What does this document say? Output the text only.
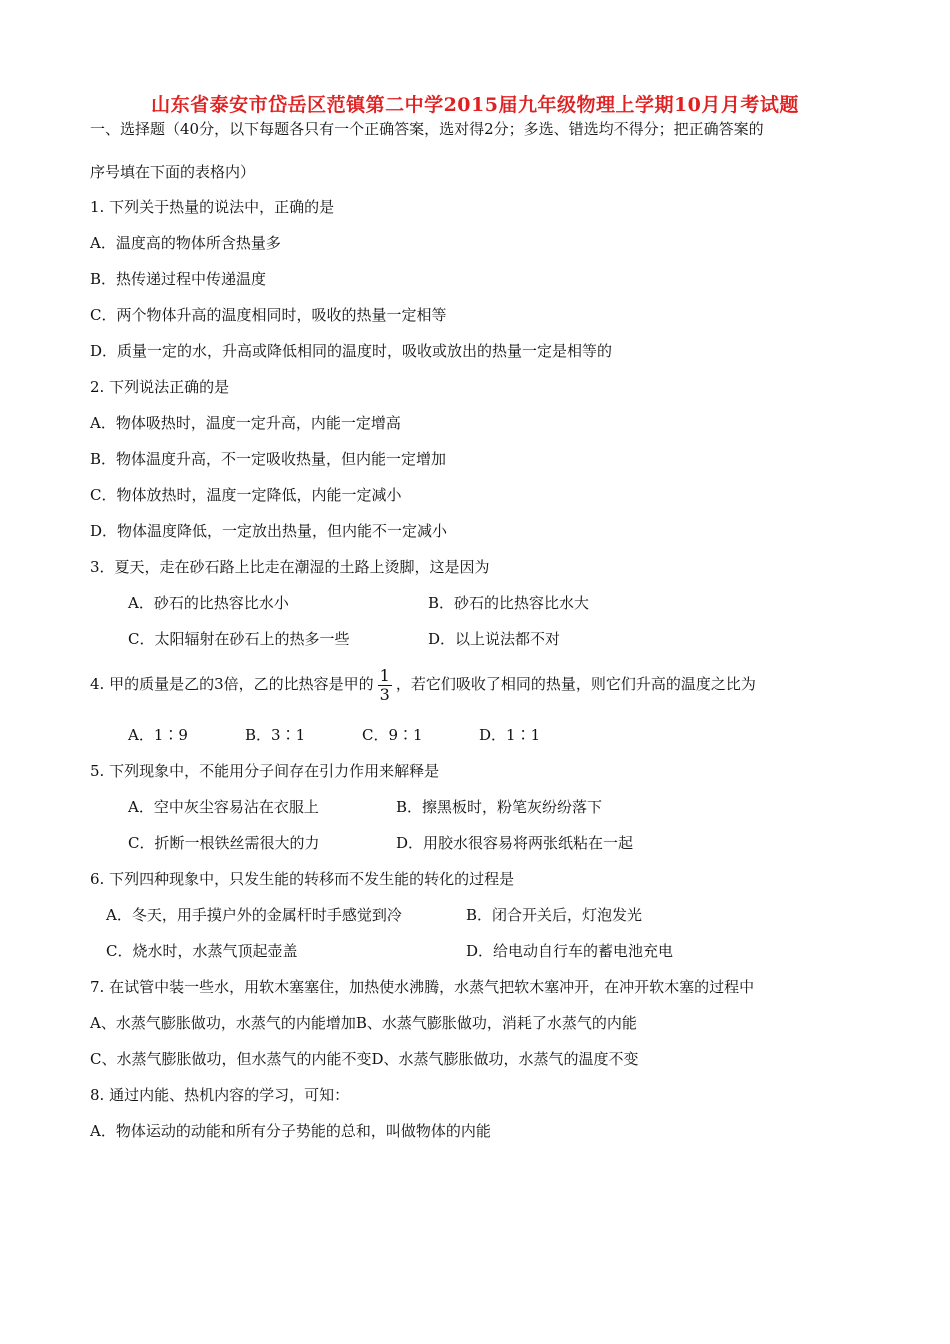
山东省泰安市岱岳区范镇第二中学2015届九年级物理上学期10月月考试题
一、选择题（40分，以下每题各只有一个正确答案，选对得2分；多选、错选均不得分；把正确答案的
序号填在下面的表格内）
1. 下列关于热量的说法中，正确的是
A．温度高的物体所含热量多
B．热传递过程中传递温度
C．两个物体升高的温度相同时，吸收的热量一定相等
D．质量一定的水，升高或降低相同的温度时，吸收或放出的热量一定是相等的
2. 下列说法正确的是
A．物体吸热时，温度一定升高，内能一定增高
B．物体温度升高，不一定吸收热量，但内能一定增加
C．物体放热时，温度一定降低，内能一定减小
D．物体温度降低，一定放出热量，但内能不一定减小
3．夏天，走在砂石路上比走在潮湿的土路上烫脚，这是因为
A．砂石的比热容比水小	B．砂石的比热容比水大
C．太阳辐射在砂石上的热多一些	D．以上说法都不对
4. 甲的质量是乙的3倍，乙的比热容是甲的 $\frac{1}{3}$ ，若它们吸收了相同的热量，则它们升高的温度之比为
A．1∶9	B．3∶1	C．9∶1	D．1∶1
5. 下列现象中，不能用分子间存在引力作用来解释是
A．空中灰尘容易沾在衣服上	B．擦黑板时，粉笔灰纷纷落下
C．折断一根铁丝需很大的力	D．用胶水很容易将两张纸粘在一起
6. 下列四种现象中，只发生能的转移而不发生能的转化的过程是
A．冬天，用手摸户外的金属杆时手感觉到冷	B．闭合开关后，灯泡发光
C．烧水时，水蒸气顶起壶盖	D．给电动自行车的蓄电池充电
7. 在试管中装一些水，用软木塞塞住，加热使水沸腾，水蒸气把软木塞冲开，在冲开软木塞的过程中
A、水蒸气膨胀做功，水蒸气的内能增加B、水蒸气膨胀做功，消耗了水蒸气的内能
C、水蒸气膨胀做功，但水蒸气的内能不变D、水蒸气膨胀做功，水蒸气的温度不变
8. 通过内能、热机内容的学习，可知：
A．物体运动的动能和所有分子势能的总和，叫做物体的内能
